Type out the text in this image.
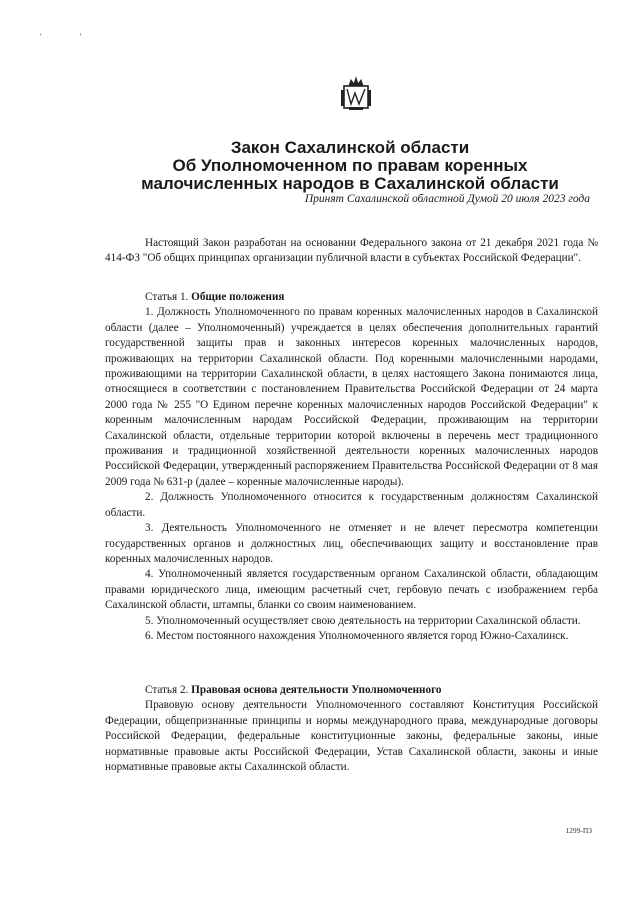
' '
Закон Сахалинской области
Об Уполномоченном по правам коренных
малочисленных народов в Сахалинской области
Принят Сахалинской областной Думой 20 июля 2023 года
Настоящий Закон разработан на основании Федерального закона от 21 декабря 2021 года № 414-ФЗ "Об общих принципах организации публичной власти в субъектах Российской Федерации".
Статья 1. Общие положения
1. Должность Уполномоченного по правам коренных малочисленных народов в Сахалинской области (далее – Уполномоченный) учреждается в целях обеспечения дополнительных гарантий государственной защиты прав и законных интересов коренных малочисленных народов, проживающих на территории Сахалинской области. Под коренными малочисленными народами, проживающими на территории Сахалинской области, в целях настоящего Закона понимаются лица, относящиеся в соответствии с постановлением Правительства Российской Федерации от 24 марта 2000 года № 255 "О Едином перечне коренных малочисленных народов Российской Федерации" к коренным малочисленным народам Российской Федерации, проживающим на территории Сахалинской области, отдельные территории которой включены в перечень мест традиционного проживания и традиционной хозяйственной деятельности коренных малочисленных народов Российской Федерации, утвержденный распоряжением Правительства Российской Федерации от 8 мая 2009 года № 631-р (далее – коренные малочисленные народы).
2. Должность Уполномоченного относится к государственным должностям Сахалинской области.
3. Деятельность Уполномоченного не отменяет и не влечет пересмотра компетенции государственных органов и должностных лиц, обеспечивающих защиту и восстановление прав коренных малочисленных народов.
4. Уполномоченный является государственным органом Сахалинской области, обладающим правами юридического лица, имеющим расчетный счет, гербовую печать с изображением герба Сахалинской области, штампы, бланки со своим наименованием.
5. Уполномоченный осуществляет свою деятельность на территории Сахалинской области.
6. Местом постоянного нахождения Уполномоченного является город Южно-Сахалинск.
Статья 2. Правовая основа деятельности Уполномоченного
Правовую основу деятельности Уполномоченного составляют Конституция Российской Федерации, общепризнанные принципы и нормы международного права, международные договоры Российской Федерации, федеральные конституционные законы, федеральные законы, иные нормативные правовые акты Российской Федерации, Устав Сахалинской области, законы и иные нормативные правовые акты Сахалинской области.
1299-ПЗ
